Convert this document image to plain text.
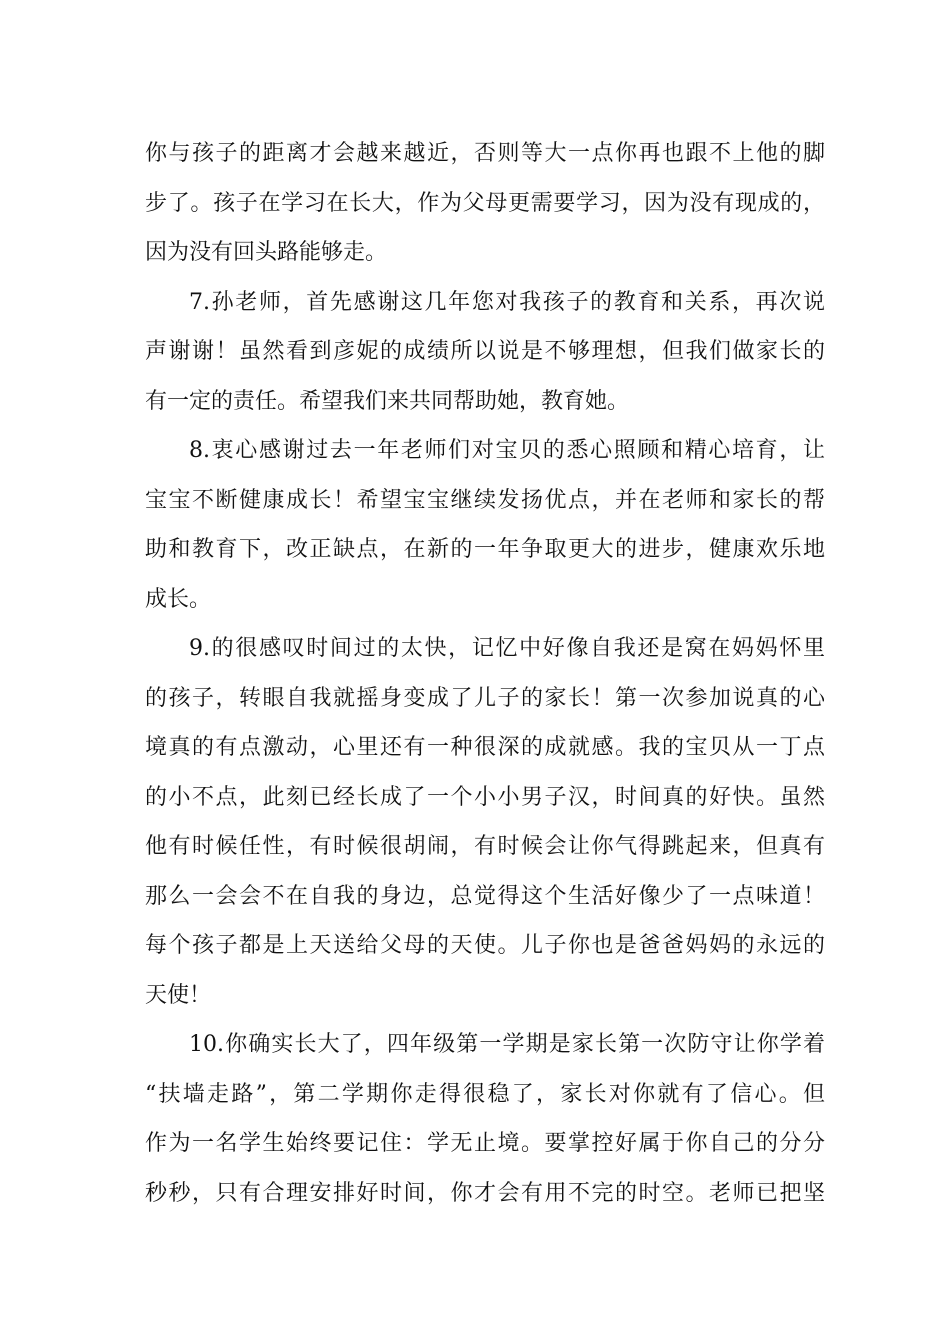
你与孩子的距离才会越来越近，否则等大一点你再也跟不上他的脚
步了。孩子在学习在长大，作为父母更需要学习，因为没有现成的，
因为没有回头路能够走。
7.孙老师，首先感谢这几年您对我孩子的教育和关系，再次说
声谢谢！虽然看到彦妮的成绩所以说是不够理想，但我们做家长的
有一定的责任。希望我们来共同帮助她，教育她。
8.衷心感谢过去一年老师们对宝贝的悉心照顾和精心培育，让
宝宝不断健康成长！希望宝宝继续发扬优点，并在老师和家长的帮
助和教育下，改正缺点，在新的一年争取更大的进步，健康欢乐地
成长。
9.的很感叹时间过的太快，记忆中好像自我还是窝在妈妈怀里
的孩子，转眼自我就摇身变成了儿子的家长！第一次参加说真的心
境真的有点激动，心里还有一种很深的成就感。我的宝贝从一丁点
的小不点，此刻已经长成了一个小小男子汉，时间真的好快。虽然
他有时候任性，有时候很胡闹，有时候会让你气得跳起来，但真有
那么一会会不在自我的身边，总觉得这个生活好像少了一点味道！
每个孩子都是上天送给父母的天使。儿子你也是爸爸妈妈的永远的
天使！
10.你确实长大了，四年级第一学期是家长第一次防守让你学着
“扶墙走路”，第二学期你走得很稳了，家长对你就有了信心。但
作为一名学生始终要记住：学无止境。要掌控好属于你自己的分分
秒秒，只有合理安排好时间，你才会有用不完的时空。老师已把坚
